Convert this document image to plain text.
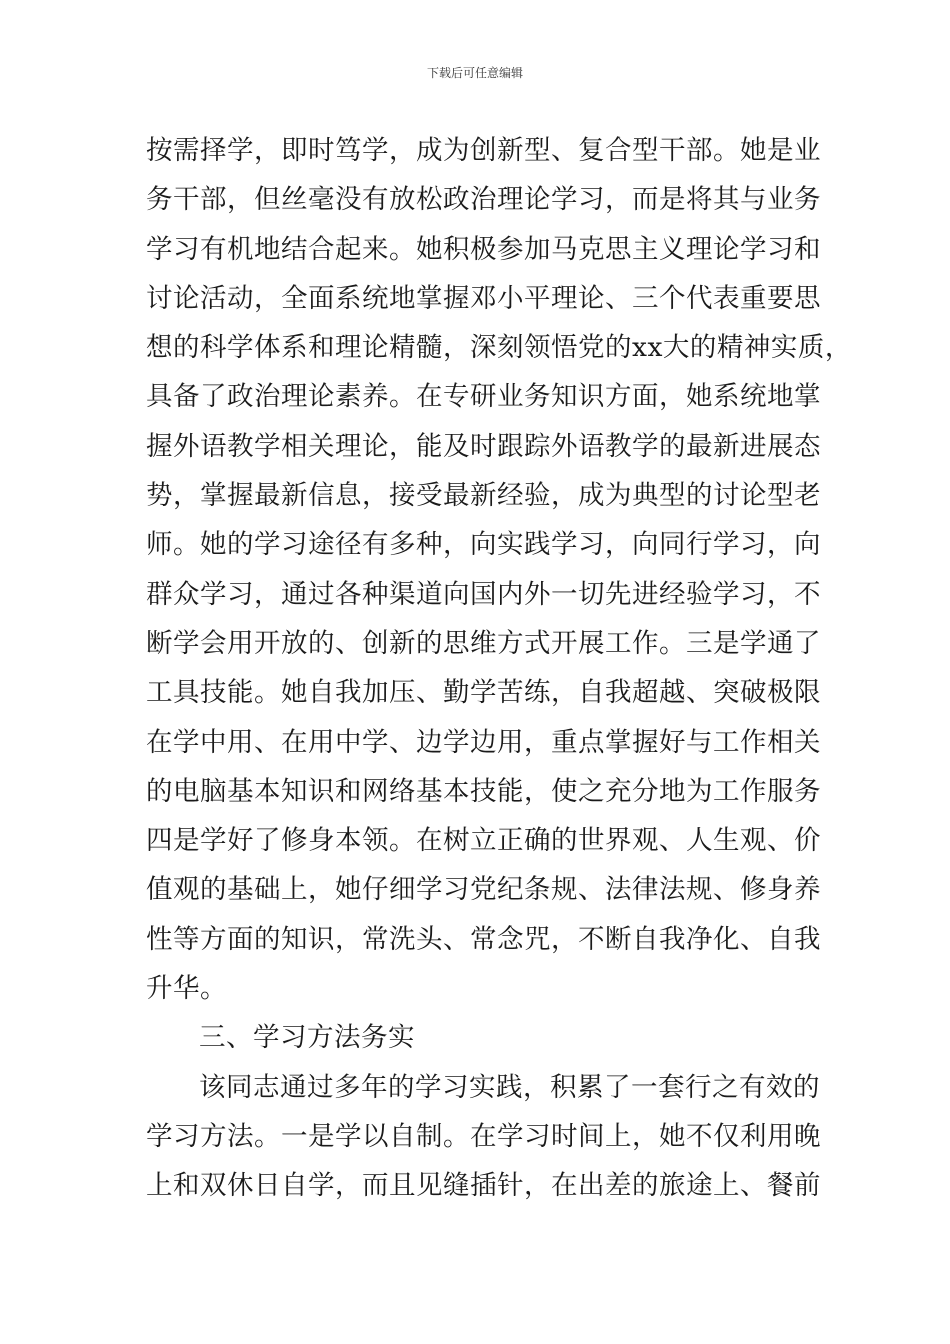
下载后可任意编辑
按需择学，即时笃学，成为创新型、复合型干部。她是业
务干部，但丝毫没有放松政治理论学习，而是将其与业务
学习有机地结合起来。她积极参加马克思主义理论学习和
讨论活动，全面系统地掌握邓小平理论、三个代表重要思
想的科学体系和理论精髓，深刻领悟党的xx大的精神实质，
具备了政治理论素养。在专研业务知识方面，她系统地掌
握外语教学相关理论，能及时跟踪外语教学的最新进展态
势，掌握最新信息，接受最新经验，成为典型的讨论型老
师。她的学习途径有多种，向实践学习，向同行学习，向
群众学习，通过各种渠道向国内外一切先进经验学习，不
断学会用开放的、创新的思维方式开展工作。三是学通了
工具技能。她自我加压、勤学苦练，自我超越、突破极限
在学中用、在用中学、边学边用，重点掌握好与工作相关
的电脑基本知识和网络基本技能，使之充分地为工作服务
四是学好了修身本领。在树立正确的世界观、人生观、价
值观的基础上，她仔细学习党纪条规、法律法规、修身养
性等方面的知识，常洗头、常念咒，不断自我净化、自我
升华。
三、学习方法务实
该同志通过多年的学习实践，积累了一套行之有效的
学习方法。一是学以自制。在学习时间上，她不仅利用晚
上和双休日自学，而且见缝插针，在出差的旅途上、餐前
